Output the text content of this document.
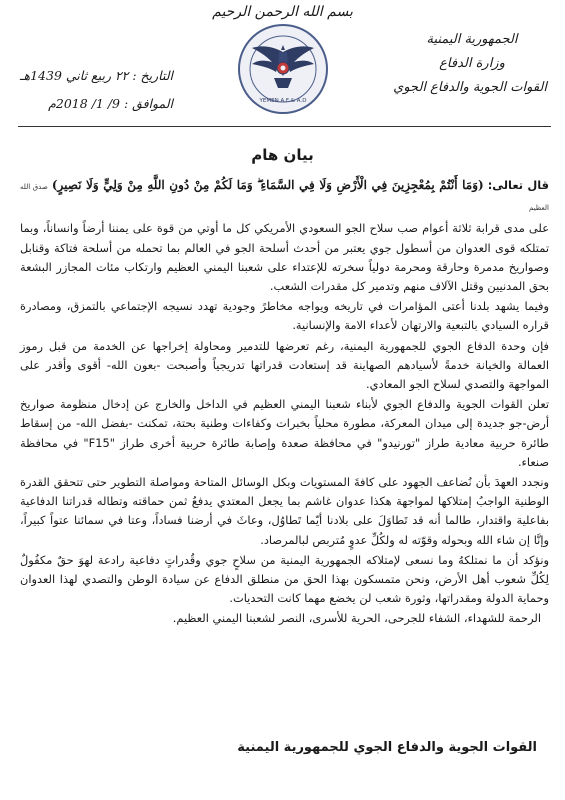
بسم الله الرحمن الرحيم
الجمهورية اليمنية
وزارة الدفاع
القوات الجوية والدفاع الجوي
YEMEN A.F & A.D
التاريخ : ٢٢ ربيع ثاني 1439هـ
الموافق : 9/ 1/ 2018م
بيان هام

قال تعالى: (وَمَا أَنْتُمْ بِمُعْجِزِينَ فِي الْأَرْضِ وَلَا فِي السَّمَاءِ ۖ وَمَا لَكُمْ مِنْ دُونِ اللَّهِ مِنْ وَلِيٍّ وَلَا نَصِيرٍ) صدق الله العظيم

على مدى قرابة ثلاثة أعوام صب سلاح الجو السعودي الأمريكي كل ما أوتي من قوة على يمننا أرضاً وانساناً، وبما تمتلكه قوى العدوان من أسطول جوي يعتبر من أحدث أسلحة الجو في العالم بما تحمله من أسلحة فتاكة وقنابل وصواريخ مدمرة وحارقة ومحرمة دولياً سخرته للإعتداء على شعبنا اليمني العظيم وارتكاب مئات المجازر البشعة بحق المدنيين وقتل الآلاف منهم وتدمير كل مقدرات الشعب.

وفيما يشهد بلدنا أعتى المؤامرات في تاريخه ويواجه مخاطرً وجودية تهدد نسيجه الإجتماعي بالتمزق، ومصادرة قراره السيادي بالتبعية والارتهان لأعداء الامة والإنسانية.

فإن وحدة الدفاع الجوي للجمهورية اليمنية، رغم تعرضها للتدمير ومحاولة إخراجها عن الخدمة من قبل رموز العمالة والخيانة خدمةً لأسيادهم الصهاينة قد إستعادت قدراتها تدريجياً وأصبحت -بعون الله- أقوى وأقدر على المواجهة والتصدي لسلاح الجو المعادي.

تعلن القوات الجوية والدفاع الجوي لأبناء شعبنا اليمني العظيم في الداخل والخارج عن إدخال منظومة صواريخ أرض-جو جديدة إلى ميدان المعركة، مطورة محلياً بخبرات وكفاءات وطنية بحتة، تمكنت -بفضل الله- من إسقاط طائرة حربية معادية طراز "تورنيدو" في محافظة صعدة وإصابة طائرة حربية أخرى طراز "F15" في محافظة صنعاء.

ونجدد العهدَ بأن نُضاعف الجهود على كافةَ المستويات وبكل الوسائل المتاحة ومواصلة التطوير حتى تتحقق القدرة الوطنية الواجبُ إمتلاكها لمواجهة هكذا عدوان غاشم بما يجعل المعتدي يدفعُ ثمن حماقته وتطاله قدراتنا الدفاعية بفاعلية واقتدار، طالما أنه قد تَطاوَلَ على بلادنا أيّما تَطاوُل، وعاثَ في أرضنا فساداً، وعتا في سمائنا عتواً كبيراً، وإنَّا إن شاء الله وبحوله وقوّته له ولكُلِّ عدوٍ مُتربص لبالمرصاد.

ونؤكد أن ما نمتلكهُ وما نسعى لإمتلاكه الجمهورية اليمنية من سلاحٍ جوي وقُدراتٍ دفاعية رادعة لهوَ حقٌ مكفُولٌ لِكُلِّ شعوب أهل الأرض، ونحن متمسكون بهذا الحق من منطلق الدفاع عن سيادة الوطن والتصدي لهذا العدوان وحماية الدولة ومقدراتها، وثورة شعب لن يخضع مهما كانت التحديات.

الرحمة للشهداء، الشفاء للجرحى، الحرية للأسرى، النصر لشعبنا اليمني العظيم.

القوات الجوية والدفاع الجوي للجمهورية اليمنية
